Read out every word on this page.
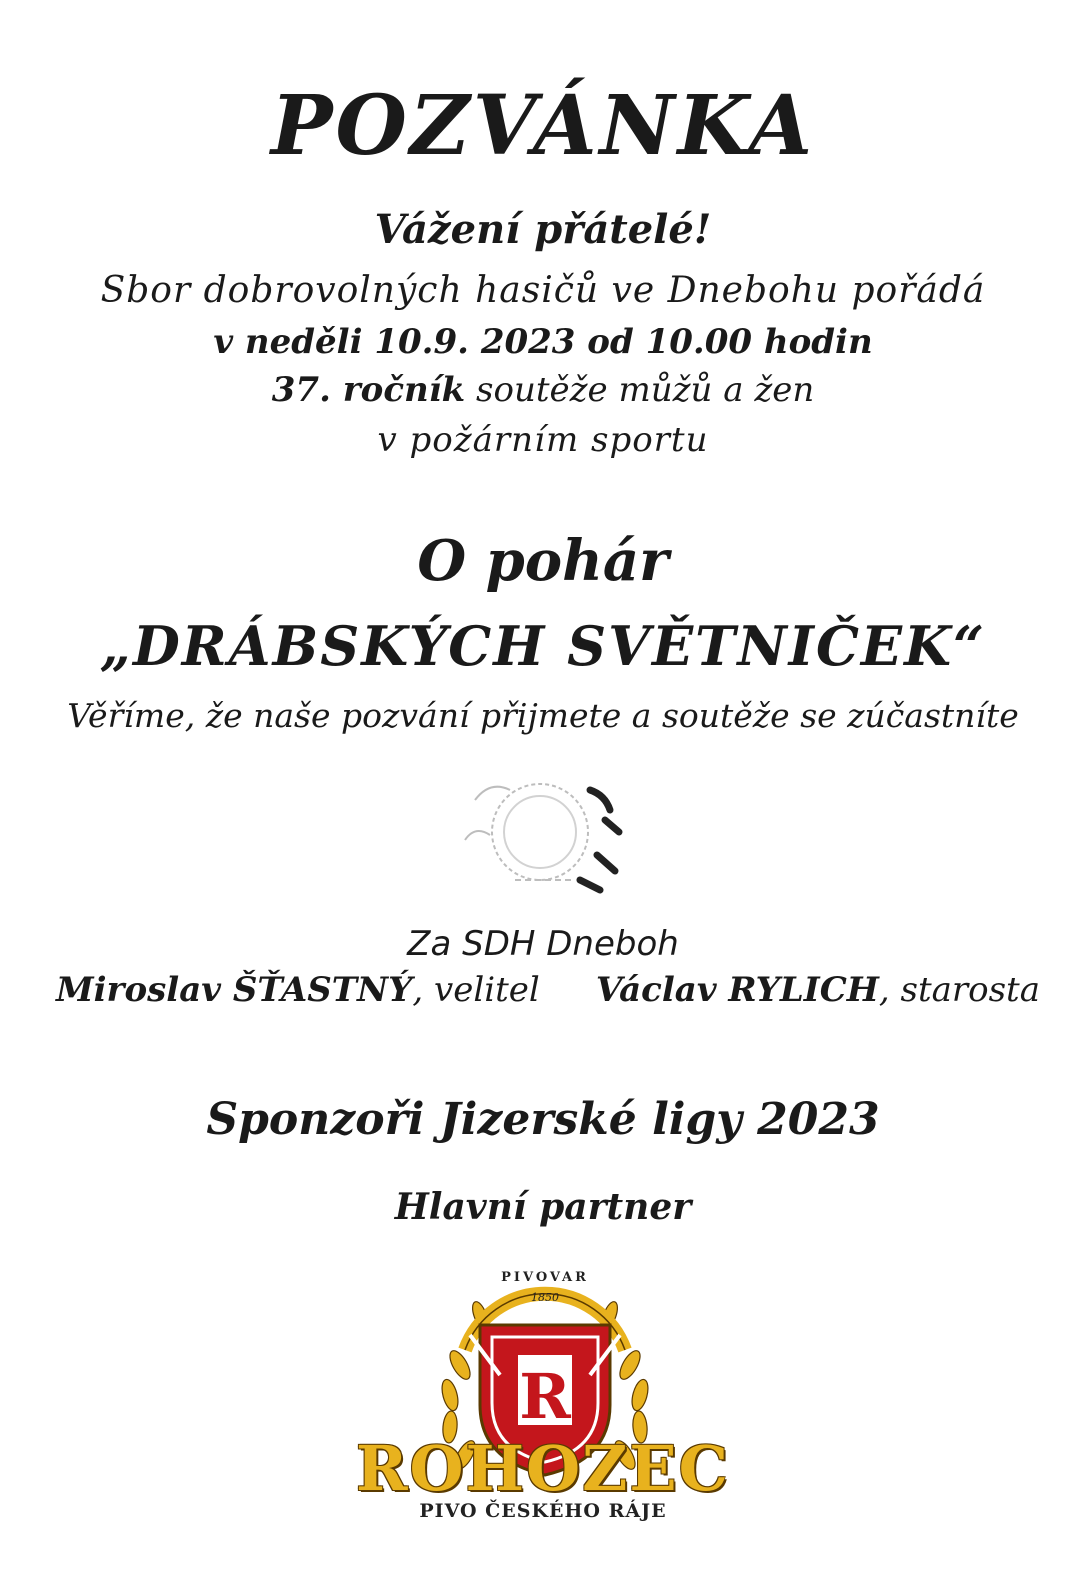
POZVÁNKA
Vážení přátelé!
Sbor dobrovolných hasičů ve Dnebohu pořádá
v neděli 10.9. 2023 od 10.00 hodin
37. ročník soutěže můžů a žen
v požárním sportu
O pohár
„DRÁBSKÝCH SVĚTNIČEK“
Věříme, že naše pozvání přijmete a soutěže se zúčastníte
Za SDH Dneboh
Miroslav ŠŤASTNÝ, velitel Václav RYLICH, starosta
Sponzoři Jizerské ligy 2023
Hlavní partner
R
PIVOVAR
1850
ROHOZEC
PIVO ČESKÉHO RÁJE
